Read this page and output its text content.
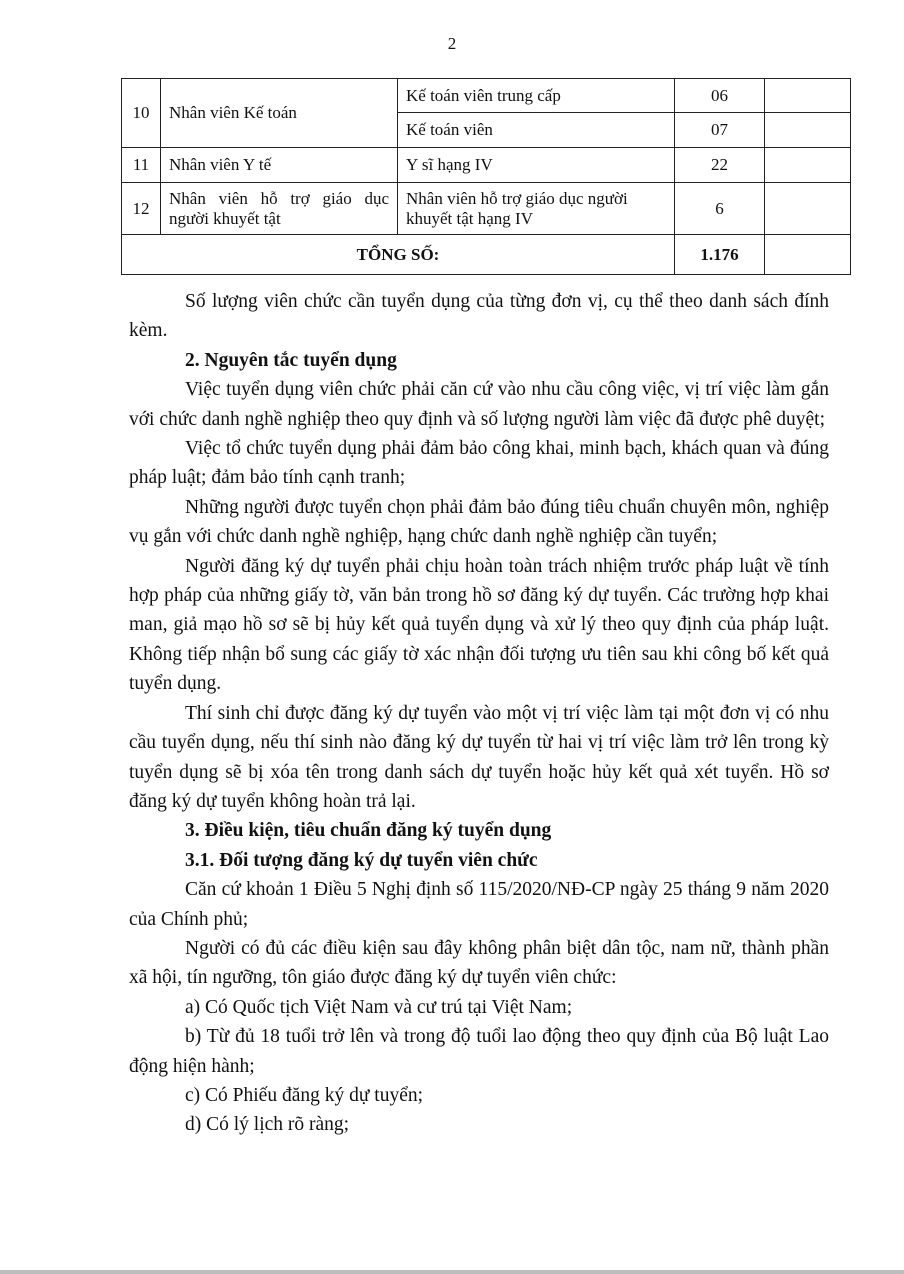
2
10	Nhân viên Kế toán	Kế toán viên trung cấp	06	
		Kế toán viên	07	
11	Nhân viên Y tế	Y sĩ hạng IV	22	
12	Nhân viên hỗ trợ giáo dục
người khuyết tật	Nhân viên hỗ trợ giáo dục người khuyết tật hạng IV	6	
TỔNG SỐ:			1.176	

Số lượng viên chức cần tuyển dụng của từng đơn vị, cụ thể theo danh sách đính kèm.

2. Nguyên tắc tuyển dụng

Việc tuyển dụng viên chức phải căn cứ vào nhu cầu công việc, vị trí việc làm gắn với chức danh nghề nghiệp theo quy định và số lượng người làm việc đã được phê duyệt;

Việc tổ chức tuyển dụng phải đảm bảo công khai, minh bạch, khách quan và đúng pháp luật; đảm bảo tính cạnh tranh;

Những người được tuyển chọn phải đảm bảo đúng tiêu chuẩn chuyên môn, nghiệp vụ gắn với chức danh nghề nghiệp, hạng chức danh nghề nghiệp cần tuyển;

Người đăng ký dự tuyển phải chịu hoàn toàn trách nhiệm trước pháp luật về tính hợp pháp của những giấy tờ, văn bản trong hồ sơ đăng ký dự tuyển. Các trường hợp khai man, giả mạo hồ sơ sẽ bị hủy kết quả tuyển dụng và xử lý theo quy định của pháp luật. Không tiếp nhận bổ sung các giấy tờ xác nhận đối tượng ưu tiên sau khi công bố kết quả tuyển dụng.

Thí sinh chỉ được đăng ký dự tuyển vào một vị trí việc làm tại một đơn vị có nhu cầu tuyển dụng, nếu thí sinh nào đăng ký dự tuyển từ hai vị trí việc làm trở lên trong kỳ tuyển dụng sẽ bị xóa tên trong danh sách dự tuyển hoặc hủy kết quả xét tuyển. Hồ sơ đăng ký dự tuyển không hoàn trả lại.

3. Điều kiện, tiêu chuẩn đăng ký tuyển dụng

3.1. Đối tượng đăng ký dự tuyển viên chức

Căn cứ khoản 1 Điều 5 Nghị định số 115/2020/NĐ-CP ngày 25 tháng 9 năm 2020 của Chính phủ;

Người có đủ các điều kiện sau đây không phân biệt dân tộc, nam nữ, thành phần xã hội, tín ngưỡng, tôn giáo được đăng ký dự tuyển viên chức:

a) Có Quốc tịch Việt Nam và cư trú tại Việt Nam;

b) Từ đủ 18 tuổi trở lên và trong độ tuổi lao động theo quy định của Bộ luật Lao động hiện hành;

c) Có Phiếu đăng ký dự tuyển;

d) Có lý lịch rõ ràng;
